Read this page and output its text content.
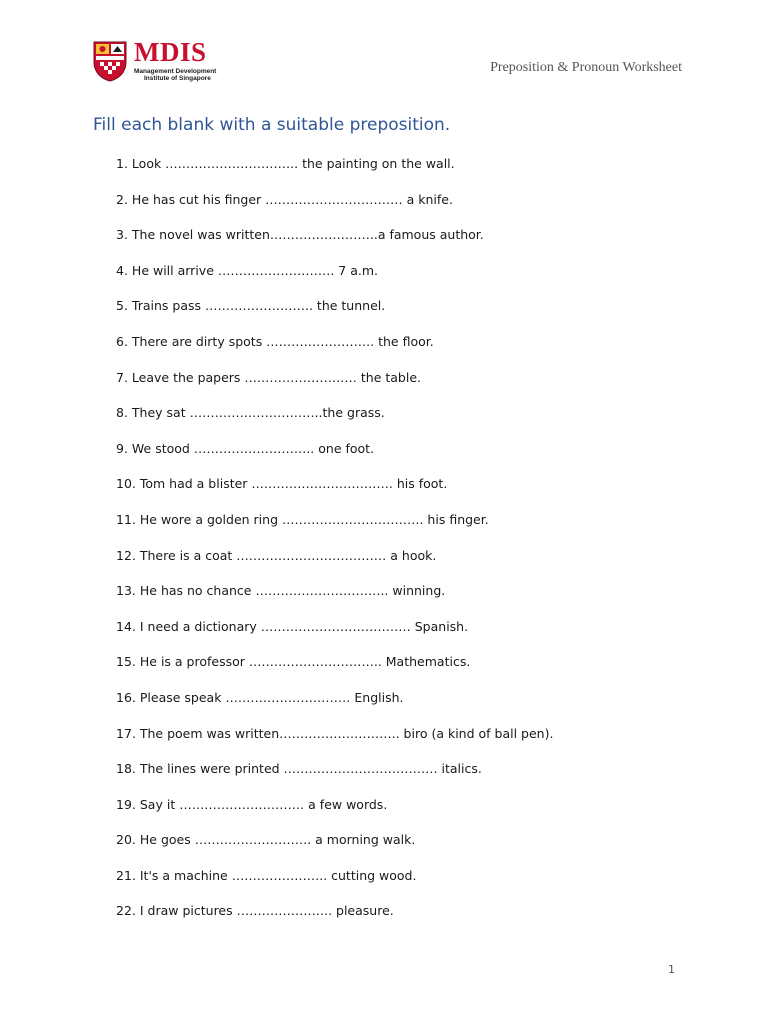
MDIS
Management Development
Institute of Singapore
Preposition & Pronoun Worksheet
Fill each blank with a suitable preposition.
1. Look ………………………….. the painting on the wall.
2. He has cut his finger …………………………… a knife.
3. The novel was written……………………..a famous author.
4. He will arrive ………………………. 7 a.m.
5. Trains pass …………………….. the tunnel.
6. There are dirty spots …………………….. the floor.
7. Leave the papers ……………………… the table.
8. They sat …………………………..the grass.
9. We stood ……………………….. one foot.
10. Tom had a blister ……………………………. his foot.
11. He wore a golden ring ……………………………. his finger.
12. There is a coat ……………………………… a hook.
13. He has no chance ………………………….. winning.
14. I need a dictionary ……………………………… Spanish.
15. He is a professor ………………………….. Mathematics.
16. Please speak ………………………… English.
17. The poem was written……………………….. biro (a kind of ball pen).
18. The lines were printed ………………………………. italics.
19. Say it ………………………… a few words.
20. He goes ………………………. a morning walk.
21. It's a machine ………………….. cutting wood.
22. I draw pictures ………………….. pleasure.
1
